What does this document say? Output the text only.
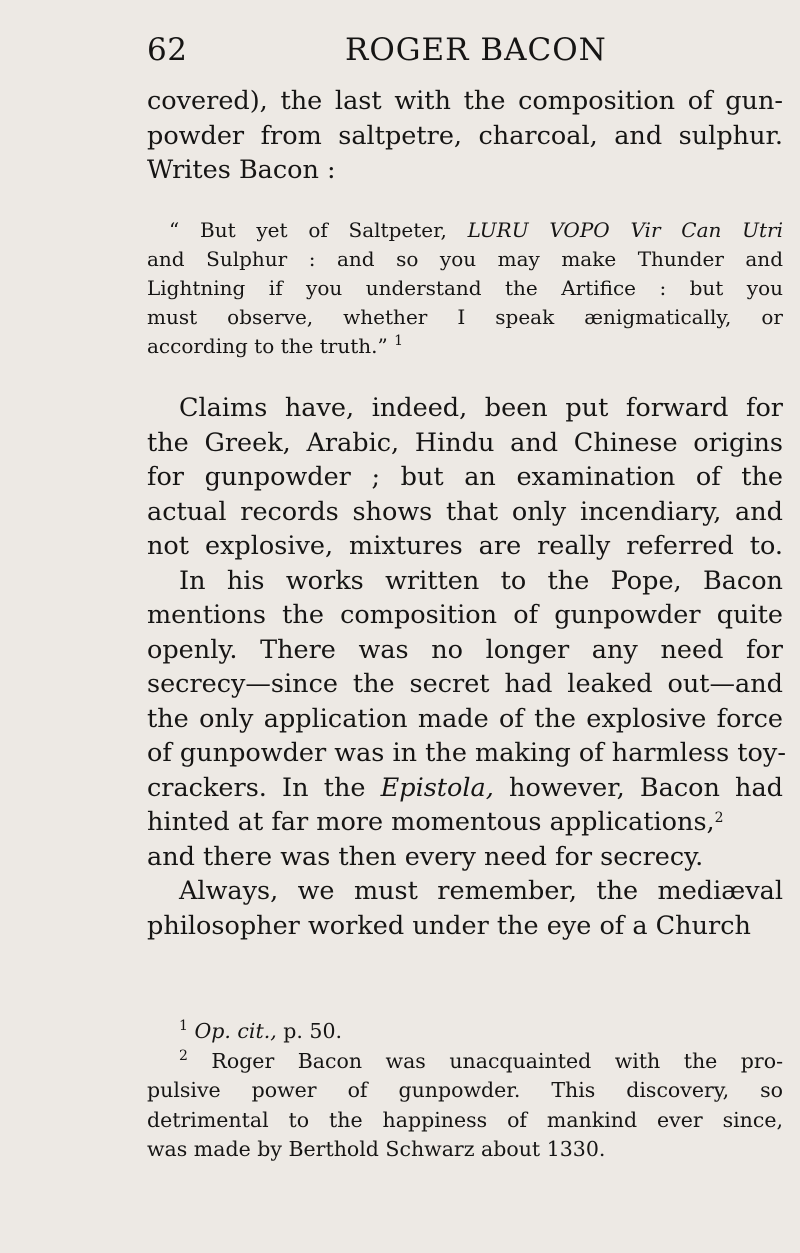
62	ROGER BACON

covered), the last with the composition of gun-
powder from saltpetre, charcoal, and sulphur.
Writes Bacon :

“ But yet of Saltpeter, LURU VOPO Vir Can Utri
and Sulphur : and so you may make Thunder and
Lightning if you understand the Artifice : but you
must observe, whether I speak ænigmatically, or
according to the truth.” $^1$

Claims have, indeed, been put forward for
the Greek, Arabic, Hindu and Chinese origins
for gunpowder ; but an examination of the
actual records shows that only incendiary, and
not explosive, mixtures are really referred to.
In his works written to the Pope, Bacon
mentions the composition of gunpowder quite
openly. There was no longer any need for
secrecy—since the secret had leaked out—and
the only application made of the explosive force
of gunpowder was in the making of harmless toy-
crackers. In the Epistola, however, Bacon had
hinted at far more momentous applications,$^2$
and there was then every need for secrecy.
Always, we must remember, the mediæval
philosopher worked under the eye of a Church

$^1$ Op. cit., p. 50.
$^2$ Roger Bacon was unacquainted with the pro-
pulsive power of gunpowder. This discovery, so
detrimental to the happiness of mankind ever since,
was made by Berthold Schwarz about 1330.
